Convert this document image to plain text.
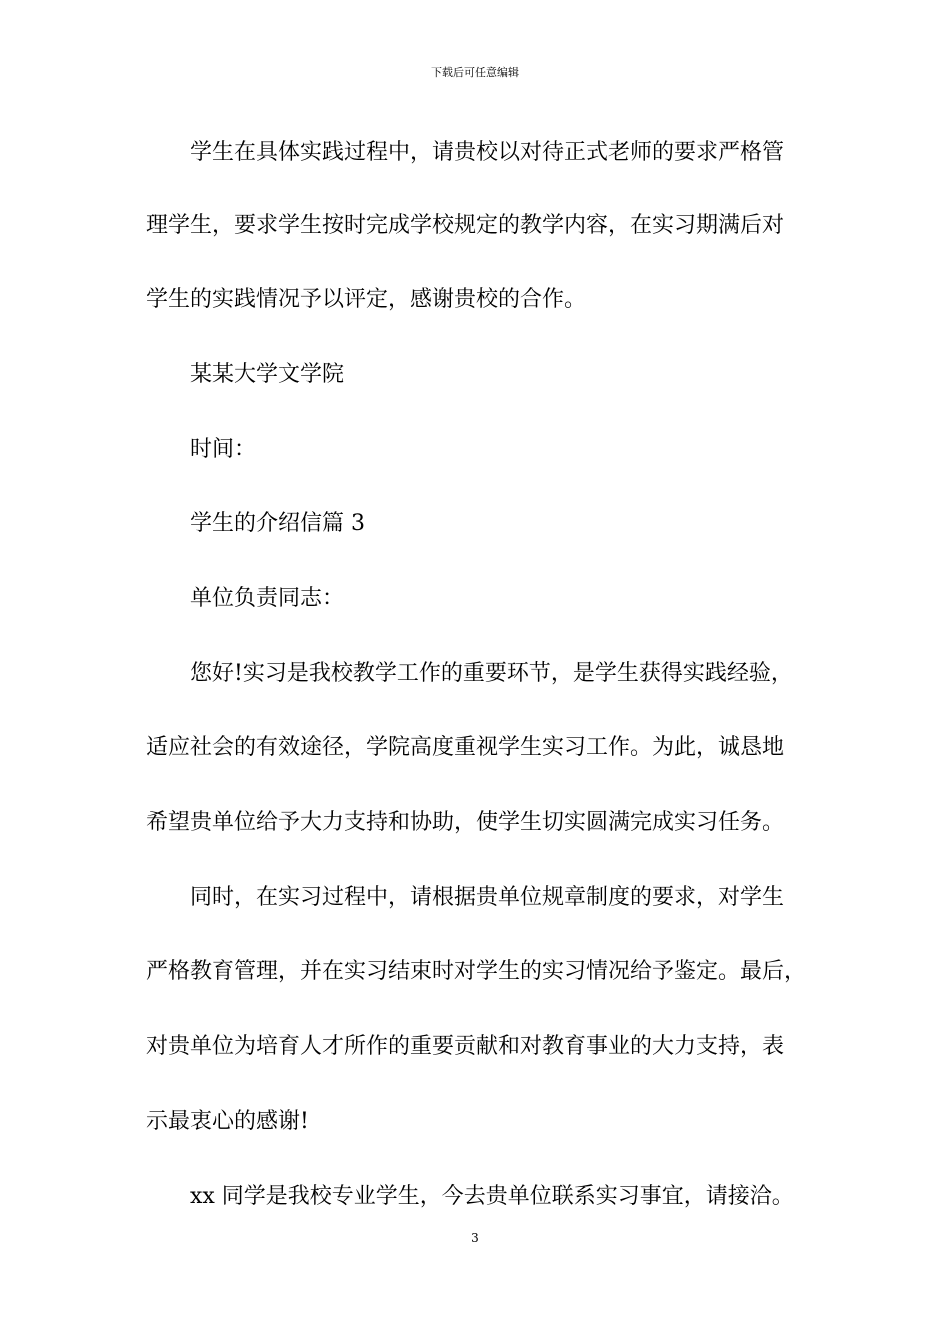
下载后可任意编辑
学生在具体实践过程中，请贵校以对待正式老师的要求严格管
理学生，要求学生按时完成学校规定的教学内容，在实习期满后对
学生的实践情况予以评定，感谢贵校的合作。
某某大学文学院
时间：
学生的介绍信篇 3
单位负责同志：
您好!实习是我校教学工作的重要环节，是学生获得实践经验，
适应社会的有效途径，学院高度重视学生实习工作。为此，诚恳地
希望贵单位给予大力支持和协助，使学生切实圆满完成实习任务。
同时，在实习过程中，请根据贵单位规章制度的要求，对学生
严格教育管理，并在实习结束时对学生的实习情况给予鉴定。最后，
对贵单位为培育人才所作的重要贡献和对教育事业的大力支持，表
示最衷心的感谢!
xx 同学是我校专业学生，今去贵单位联系实习事宜，请接洽。
3
